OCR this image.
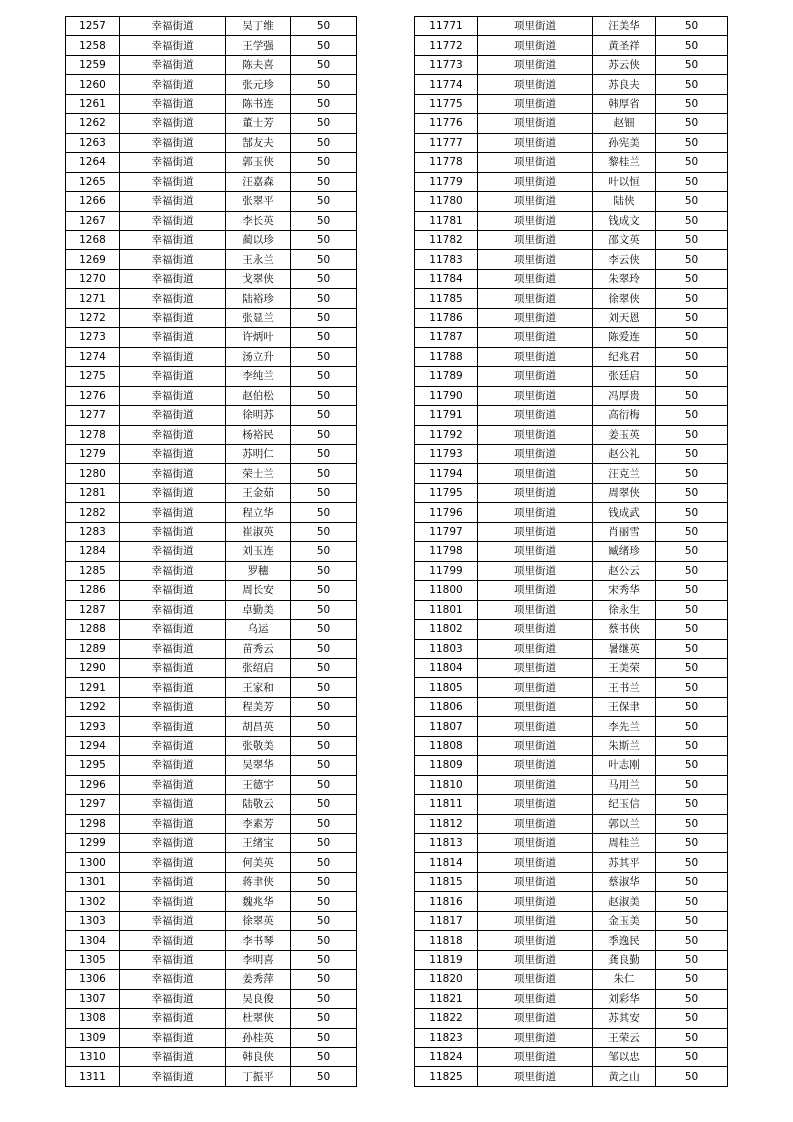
1257	幸福街道	吴丁维	50
1258	幸福街道	王学强	50
1259	幸福街道	陈夫喜	50
1260	幸福街道	张元珍	50
1261	幸福街道	陈书连	50
1262	幸福街道	董士芳	50
1263	幸福街道	郜友夫	50
1264	幸福街道	郭玉侠	50
1265	幸福街道	汪嘉森	50
1266	幸福街道	张翠平	50
1267	幸福街道	李长英	50
1268	幸福街道	蔺以珍	50
1269	幸福街道	王永兰	50
1270	幸福街道	戈翠侠	50
1271	幸福街道	陆裕珍	50
1272	幸福街道	张显兰	50
1273	幸福街道	许炳叶	50
1274	幸福街道	汤立升	50
1275	幸福街道	李纯兰	50
1276	幸福街道	赵伯松	50
1277	幸福街道	徐明苏	50
1278	幸福街道	杨裕民	50
1279	幸福街道	苏明仁	50
1280	幸福街道	荣士兰	50
1281	幸福街道	王金茹	50
1282	幸福街道	程立华	50
1283	幸福街道	崔淑英	50
1284	幸福街道	刘玉连	50
1285	幸福街道	罗穗	50
1286	幸福街道	周长安	50
1287	幸福街道	卓勤美	50
1288	幸福街道	乌运	50
1289	幸福街道	苗秀云	50
1290	幸福街道	张绍启	50
1291	幸福街道	王家和	50
1292	幸福街道	程美芳	50
1293	幸福街道	胡昌英	50
1294	幸福街道	张敬美	50
1295	幸福街道	吴翠华	50
1296	幸福街道	王德宇	50
1297	幸福街道	陆敬云	50
1298	幸福街道	李素芳	50
1299	幸福街道	王绪宝	50
1300	幸福街道	何美英	50
1301	幸福街道	蒋聿侠	50
1302	幸福街道	魏兆华	50
1303	幸福街道	徐翠英	50
1304	幸福街道	李书琴	50
1305	幸福街道	李明喜	50
1306	幸福街道	姜秀萍	50
1307	幸福街道	吴良俊	50
1308	幸福街道	杜翠侠	50
1309	幸福街道	孙桂英	50
1310	幸福街道	韩良侠	50
1311	幸福街道	丁振平	50
11771	项里街道	汪美华	50
11772	项里街道	黄圣祥	50
11773	项里街道	苏云侠	50
11774	项里街道	苏良夫	50
11775	项里街道	韩厚省	50
11776	项里街道	赵钿	50
11777	项里街道	孙宪美	50
11778	项里街道	黎桂兰	50
11779	项里街道	叶以恒	50
11780	项里街道	陆侠	50
11781	项里街道	钱成文	50
11782	项里街道	邵文英	50
11783	项里街道	李云侠	50
11784	项里街道	朱翠玲	50
11785	项里街道	徐翠侠	50
11786	项里街道	刘天恩	50
11787	项里街道	陈爱连	50
11788	项里街道	纪兆君	50
11789	项里街道	张廷启	50
11790	项里街道	冯厚贵	50
11791	项里街道	高衍梅	50
11792	项里街道	姜玉英	50
11793	项里街道	赵公礼	50
11794	项里街道	汪克兰	50
11795	项里街道	周翠侠	50
11796	项里街道	钱成武	50
11797	项里街道	肖丽雪	50
11798	项里街道	臧绪珍	50
11799	项里街道	赵公云	50
11800	项里街道	宋秀华	50
11801	项里街道	徐永生	50
11802	项里街道	蔡书侠	50
11803	项里街道	暑继英	50
11804	项里街道	王美荣	50
11805	项里街道	王书兰	50
11806	项里街道	王保聿	50
11807	项里街道	李先兰	50
11808	项里街道	朱斯兰	50
11809	项里街道	叶志刚	50
11810	项里街道	马用兰	50
11811	项里街道	纪玉信	50
11812	项里街道	郭以兰	50
11813	项里街道	周桂兰	50
11814	项里街道	苏其平	50
11815	项里街道	蔡淑华	50
11816	项里街道	赵淑美	50
11817	项里街道	金玉美	50
11818	项里街道	季逸民	50
11819	项里街道	龚良勤	50
11820	项里街道	朱仁	50
11821	项里街道	刘彩华	50
11822	项里街道	苏其安	50
11823	项里街道	王荣云	50
11824	项里街道	邹以忠	50
11825	项里街道	黄之山	50
